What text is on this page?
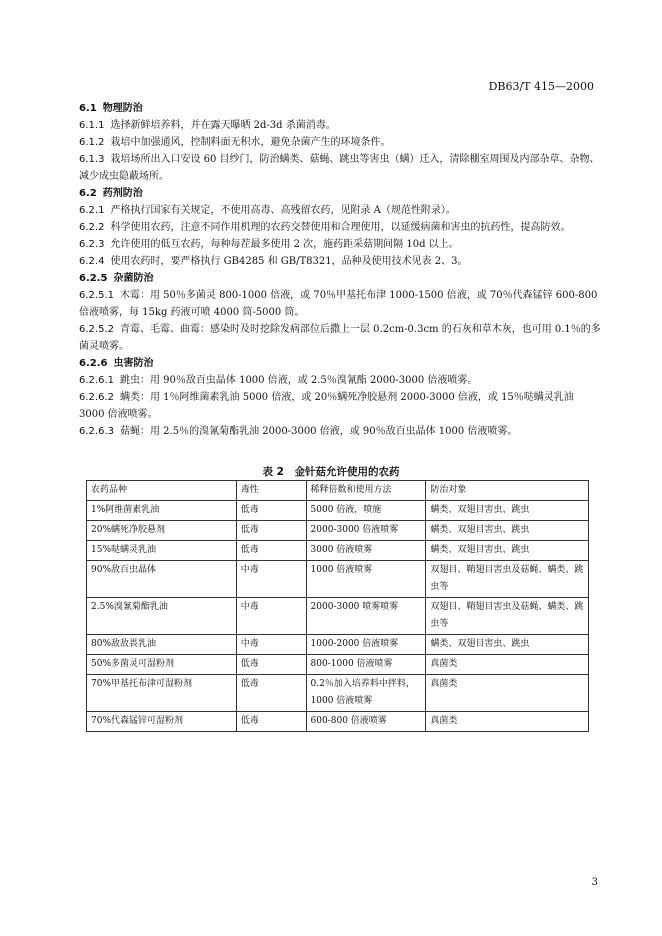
DB63/T 415—2000
6.1 物理防治
6.1.1 选择新鲜培养料，并在露天曝晒 2d-3d 杀菌消毒。
6.1.2 栽培中加强通风，控制料面无积水，避免杂菌产生的环境条件。
6.1.3 栽培场所出入口安设 60 目纱门，防治螨类、菇蝇、跳虫等害虫（螨）迁入，清除棚室周围及内部杂草、杂物、减少成虫隐蔽场所。
6.2 药剂防治
6.2.1 严格执行国家有关规定，不使用高毒、高残留农药，见附录 A（规范性附录）。
6.2.2 科学使用农药，注意不同作用机理的农药交替使用和合理使用，以延缓病菌和害虫的抗药性，提高防效。
6.2.3 允许使用的低互农药，每种每茬最多使用 2 次，施药距采菇期间隔 10d 以上。
6.2.4 使用农药时，要严格执行 GB4285 和 GB/T8321，品种及使用技术见表 2、3。
6.2.5 杂菌防治
6.2.5.1 木霉：用 50％多菌灵 800-1000 倍液，或 70％甲基托布津 1000-1500 倍液，或 70％代森锰锌 600-800 倍液喷雾，每 15kg 药液可喷 4000 筒-5000 筒。
6.2.5.2 青霉、毛霉、曲霉：感染时及时挖除发病部位后撒上一层 0.2cm-0.3cm 的石灰和草木灰，也可用 0.1％的多菌灵喷雾。
6.2.6 虫害防治
6.2.6.1 跳虫：用 90％敌百虫晶体 1000 倍液，或 2.5％溴氰酯 2000-3000 倍液喷雾。
6.2.6.2 螨类：用 1％阿维菌素乳油 5000 倍液，或 20％螨死净胶悬剂 2000-3000 倍液，或 15％哒螨灵乳油 3000 倍液喷雾。
6.2.6.3 菇蝇：用 2.5％的溴氰菊酯乳油 2000-3000 倍液，或 90％敌百虫晶体 1000 倍液喷雾。
表 2　金针菇允许使用的农药
农药品种	毒性	稀释倍数和使用方法	防治对象
1%阿维菌素乳油	低毒	5000 倍液，喷施	螨类、双翅目害虫、跳虫
20%螨死净胶悬剂	低毒	2000-3000 倍液喷雾	螨类、双翅目害虫、跳虫
15%哒螨灵乳油	低毒	3000 倍液喷雾	螨类、双翅目害虫、跳虫
90%敌百虫晶体	中毒	1000 倍液喷雾	双翅目、鞘翅目害虫及菇蝇、螨类、跳虫等
2.5%溴氰菊酯乳油	中毒	2000-3000 喷雾喷雾	双翅目、鞘翅目害虫及菇蝇、螨类、跳虫等
80%敌敌畏乳油	中毒	1000-2000 倍液喷雾	螨类、双翅目害虫、跳虫
50%多菌灵可湿粉剂	低毒	800-1000 倍液喷雾	真菌类
70%甲基托布津可湿粉剂	低毒	0.2％加入培养料中拌料，1000 倍液喷雾	真菌类
70%代森锰锌可湿粉剂	低毒	600-800 倍液喷雾	真菌类
3
